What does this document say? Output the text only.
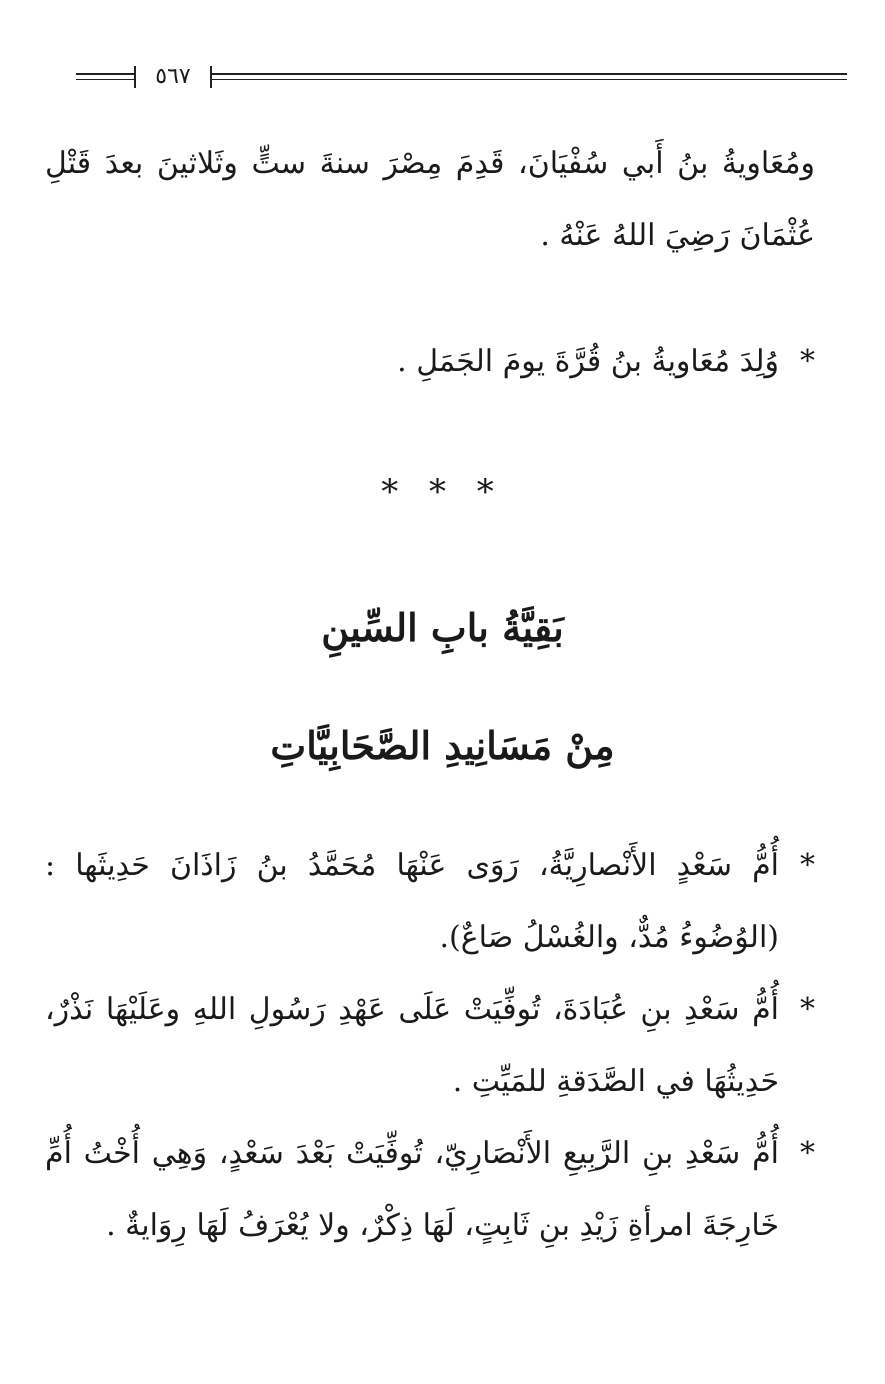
٥٦٧

ومُعَاويةُ بنُ أَبي سُفْيَانَ، قَدِمَ مِصْرَ سنةَ ستٍّ وثَلاثينَ بعدَ قَتْلِ عُثْمَانَ رَضِيَ اللهُ عَنْهُ .

*
وُلِدَ مُعَاويةُ بنُ قُرَّةَ يومَ الجَمَلِ .

* * *
بَقِيَّةُ بابِ السِّينِ
مِنْ مَسَانِيدِ الصَّحَابِيَّاتِ

*
أُمُّ سَعْدٍ الأَنْصارِيَّةُ، رَوَى عَنْهَا مُحَمَّدُ بنُ زَاذَانَ حَدِيثَها : (الوُضُوءُ مُدٌّ، والغُسْلُ صَاعٌ).

*
أُمُّ سَعْدِ بنِ عُبَادَةَ، تُوفِّيَتْ عَلَى عَهْدِ رَسُولِ اللهِ وعَلَيْهَا نَذْرٌ، حَدِيثُهَا في الصَّدَقةِ للمَيِّتِ .

*
أُمُّ سَعْدِ بنِ الرَّبِيعِ الأَنْصَارِيّ، تُوفِّيَتْ بَعْدَ سَعْدٍ، وَهِي أُخْتُ أُمِّ خَارِجَةَ امرأةِ زَيْدِ بنِ ثَابِتٍ، لَهَا ذِكْرٌ، ولا يُعْرَفُ لَهَا رِوَايةٌ .
